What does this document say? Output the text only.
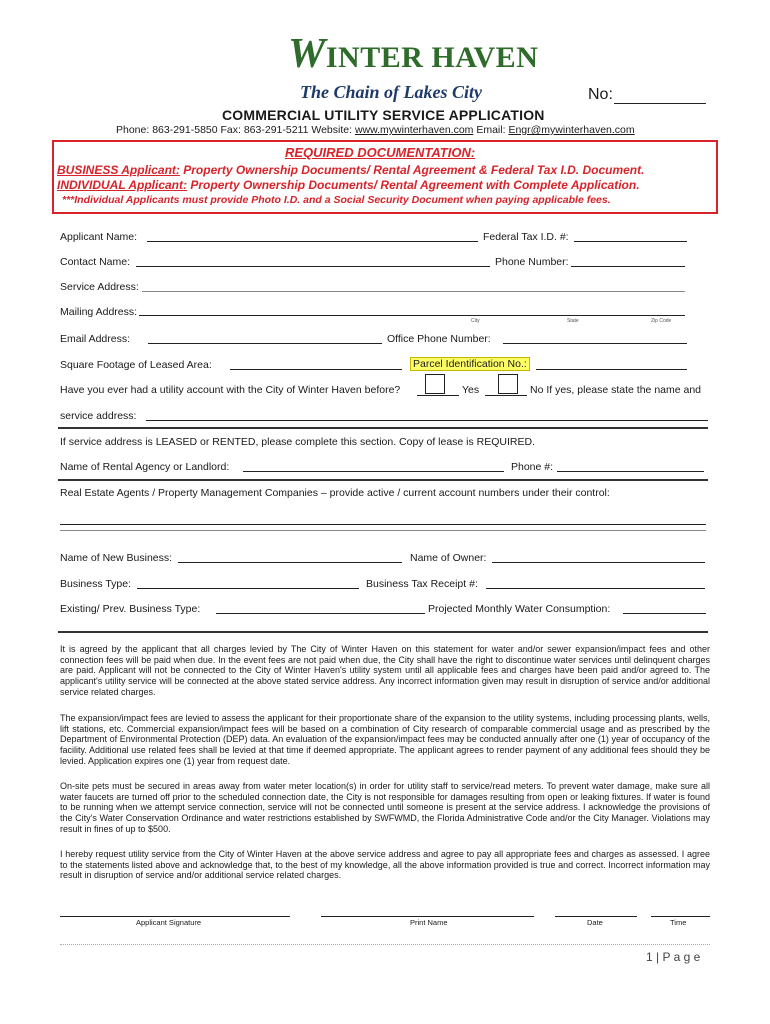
WINTER HAVEN
The Chain of Lakes City	No:
COMMERCIAL UTILITY SERVICE APPLICATION
Phone: 863-291-5850 Fax: 863-291-5211 Website: www.mywinterhaven.com Email: Engr@mywinterhaven.com
REQUIRED DOCUMENTATION:
BUSINESS Applicant: Property Ownership Documents/ Rental Agreement & Federal Tax I.D. Document.
INDIVIDUAL Applicant: Property Ownership Documents/ Rental Agreement with Complete Application.
***Individual Applicants must provide Photo I.D. and a Social Security Document when paying applicable fees.
Applicant Name:	Federal Tax I.D. #:
Contact Name:	Phone Number:
Service Address:
Mailing Address:
City	State	Zip Code
Email Address:	Office Phone Number:
Square Footage of Leased Area:	Parcel Identification No.:
Have you ever had a utility account with the City of Winter Haven before?	Yes	No If yes, please state the name and
service address:
If service address is LEASED or RENTED, please complete this section. Copy of lease is REQUIRED.
Name of Rental Agency or Landlord:	Phone #:
Real Estate Agents / Property Management Companies – provide active / current account numbers under their control:
Name of New Business:	Name of Owner:
Business Type:	Business Tax Receipt #:
Existing/ Prev. Business Type:	Projected Monthly Water Consumption:
It is agreed by the applicant that all charges levied by The City of Winter Haven on this statement for water and/or sewer expansion/impact fees and other connection fees will be paid when due. In the event fees are not paid when due, the City shall have the right to discontinue water services until delinquent charges are paid. Applicant will not be connected to the City of Winter Haven's utility system until all applicable fees and charges have been paid and/or agreed to. The applicant's utility service will be connected at the above stated service address. Any incorrect information given may result in disruption of service and/or additional service related charges.
The expansion/impact fees are levied to assess the applicant for their proportionate share of the expansion to the utility systems, including processing plants, wells, lift stations, etc. Commercial expansion/impact fees will be based on a combination of City research of comparable commercial usage and as prescribed by the Department of Environmental Protection (DEP) data. An evaluation of the expansion/impact fees may be conducted annually after one (1) year of occupancy of the facility. Additional use related fees shall be levied at that time if deemed appropriate. The applicant agrees to render payment of any additional fees should they be levied. Application expires one (1) year from request date.
On-site pets must be secured in areas away from water meter location(s) in order for utility staff to service/read meters. To prevent water damage, make sure all water faucets are turned off prior to the scheduled connection date, the City is not responsible for damages resulting from open or leaking fixtures. If water is found to be running when we attempt service connection, service will not be connected until someone is present at the service address. I acknowledge the provisions of the City's Water Conservation Ordinance and water restrictions established by SWFWMD, the Florida Administrative Code and/or the City Manager. Violations may result in fines of up to $500.
I hereby request utility service from the City of Winter Haven at the above service address and agree to pay all appropriate fees and charges as assessed. I agree to the statements listed above and acknowledge that, to the best of my knowledge, all the above information provided is true and correct. Incorrect information may result in disruption of service and/or additional service related charges.
Applicant Signature	Print Name	Date	Time
1 | P a g e
